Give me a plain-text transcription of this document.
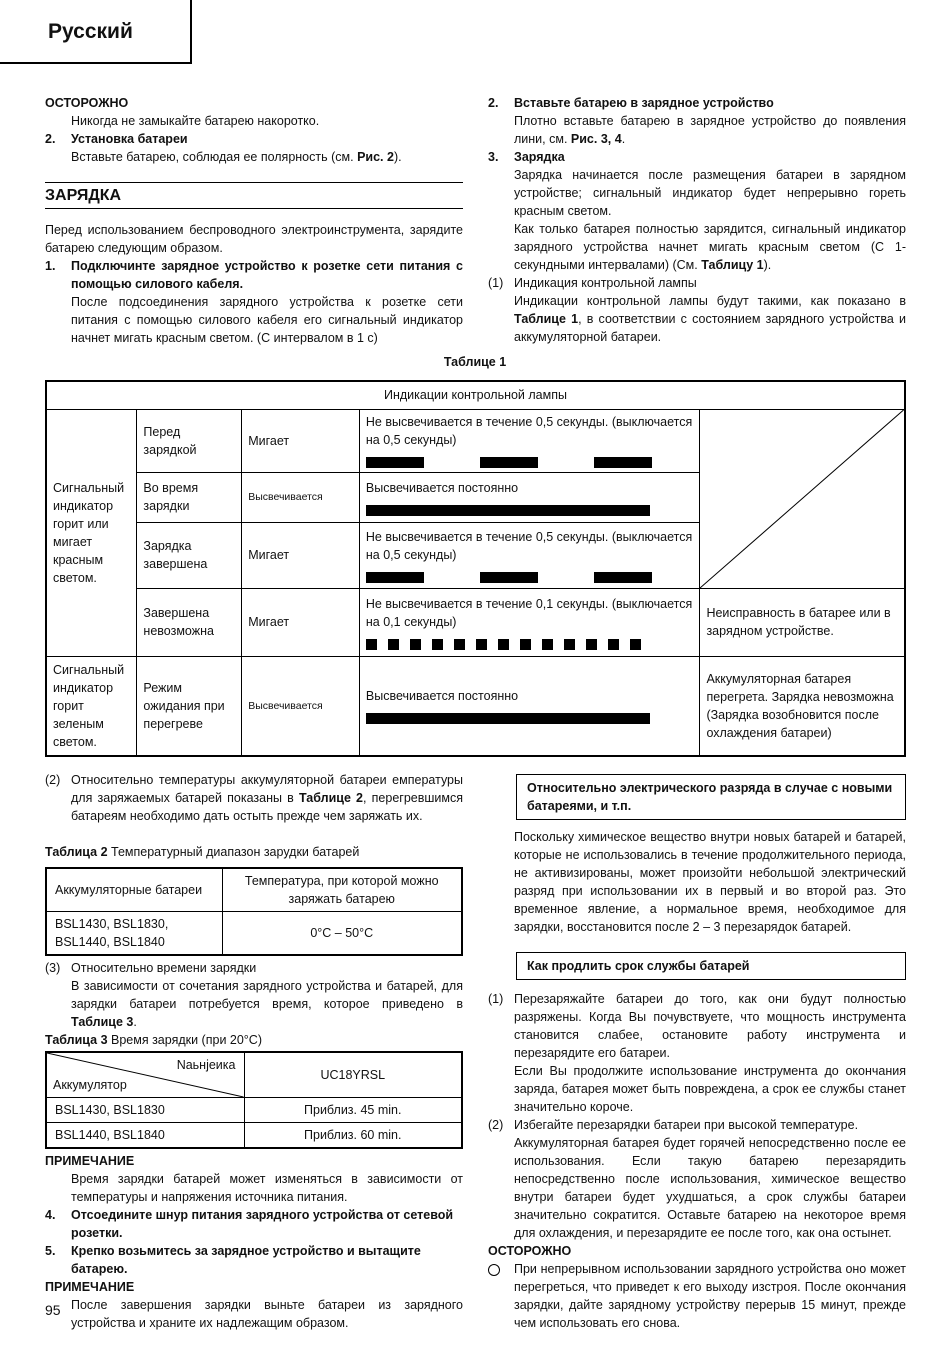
Русский
ОСТОРОЖНО
Никогда не замыкайте батарею накоротко.
2.	Установка батареи
Вставьте батарею, соблюдая ее полярность (см. Рис. 2).
ЗАРЯДКА
Перед использованием беспроводного электроинструмента, зарядите батарею следующим образом.
1.	Подключинте зарядное устройство к розетке сети питания с помощью силового кабеля.
После подсоединения зарядного устройства к розетке сети питания с помощью силового кабеля его сигнальный индикатор начнет мигать красным светом. (С интервалом в 1 с)
2.	Вставьте батарею в зарядное устройство
Плотно вставьте батарею в зарядное устройство до появления лини, см. Рис. 3, 4.
3.	Зарядка
Зарядка начинается после размещения батареи в зарядном устройстве; сигнальный индикатор будет непрерывно гореть красным светом.
Как только батарея полностью зарядится, сигнальный индикатор зарядного устройства начнет мигать красным светом (С 1-секундными интервалами) (См. Таблицу 1).
(1) Индикация контрольной лампы
Индикации контрольной лампы будут такими, как показано в Таблице 1, в соответствии с состоянием зарядного устройства и аккумуляторной батареи.
Таблице 1
Индикации контрольной лампы				
Сигнальный индикатор горит или мигает красным светом.	Перед зарядкой	Мигает	Не высвечивается в течение 0,5 секунды. (выключается на 0,5 секунды)

	Во время зарядки	Высвечивается	Высвечивается постоянно	

	Зарядка завершена	Мигает	Не высвечивается в течение 0,5 секунды. (выключается на 0,5 секунды)	

	Завершена невозможна	Мигает	Не высвечивается в течение 0,1 секунды. (выключается на 0,1 секунды)	Неисправность в батарее или в зарядном устройстве.
Сигнальный индикатор горит зеленым светом.	Режим ожидания при перегреве	Высвечивается	Высвечивается постоянно	Аккумуляторная батарея перегрета. Зарядка невозможна (Зарядка возобновится после охлаждения батареи)
(2) Относительно температуры аккумуляторной батареи емпературы для заряжаемых батарей показаны в Таблице 2, перегревшимся батареям необходимо дать остыть прежде чем заряжать их.
Таблица 2 Температурный диапазон зарудки батарей
Аккумуляторные батареи	Температура, при которой можно заряжать батарею
BSL1430, BSL1830, BSL1440, BSL1840	0°C – 50°C
(3) Относительно времени зарядки
В зависимости от сочетания зарядного устройства и батарей, для зарядки батареи потребуется время, которое приведено в Таблице 3.
Таблица 3 Время зарядки (при 20°C)
Nаьнјеика
Аккумулятор	UC18YRSL
BSL1430, BSL1830	Приблиз. 45 min.
BSL1440, BSL1840	Приблиз. 60 min.
ПРИМЕЧАНИЕ
Время зарядки батарей может изменяться в зависимости от температуры и напряжения источника питания.
4.	Отсоедините шнур питания зарядного устройства от сетевой розетки.
5.	Крепко возьмитесь за зарядное устройство и вытащите батарею.
ПРИМЕЧАНИЕ
После завершения зарядки выньте батареи из зарядного устройства и храните их надлежащим образом.
Относительно электрического разряда в случае с новыми батареями, и т.п.
Поскольку химическое вещество внутри новых батарей и батарей, которые не использовались в течение продолжительного периода, не активизированы, может произойти небольшой электрический разряд при использовании их в первый и во второй раз. Это временное явление, а нормальное время, необходимое для зарядки, восстановится после 2 – 3 перезарядок батарей.
Как продлить срок службы батарей
(1) Перезаряжайте батареи до того, как они будут полностью разряжены. Когда Вы почувствуете, что мощность инструмента становится слабее, остановите работу инструмента и перезарядите его батареи.
Если Вы продолжите использование инструмента до окончания заряда, батарея может быть повреждена, а срок ее службы станет значительно короче.
(2) Избегайте перезарядки батареи при высокой температуре.
Аккумуляторная батарея будет горячей непосредственно после ее использования. Если такую батарею перезарядить непосредственно после использования, химическое вещество внутри батареи будет ухудшаться, а срок службы батареи значительно сократится. Оставьте батарею на некоторое время для охлаждения, и перезарядите ее после того, как она остынет.
ОСТОРОЖНО
При непрерывном использовании зарядного устройства оно может перегреться, что приведет к его выходу изстроя. После окончания зарядки, дайте зарядному устройству перерыв 15 минут, прежде чем использовать его снова.
95
